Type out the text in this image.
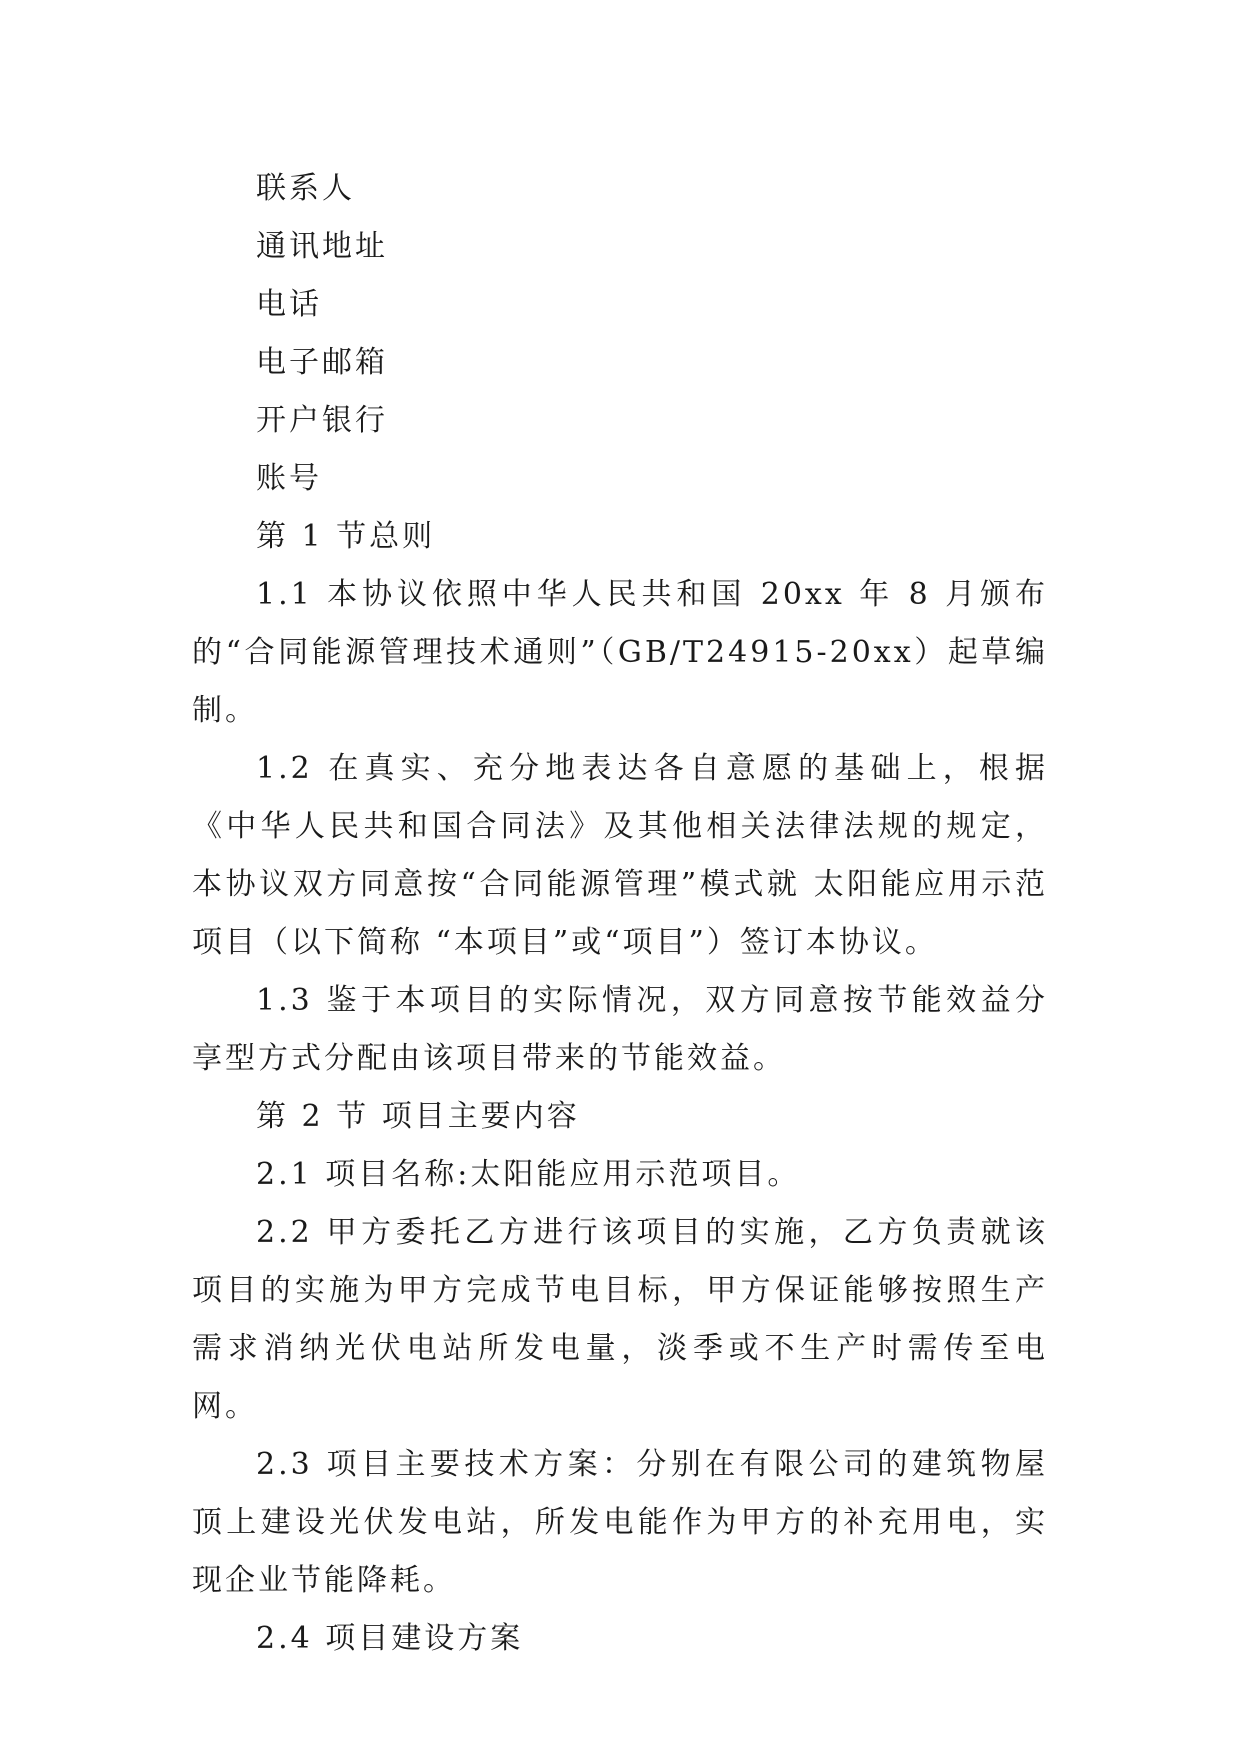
联系人
通讯地址
电话
电子邮箱
开户银行
账号
第 1 节总则

1.1 本协议依照中华人民共和国 20xx 年 8 月颁布的“合同能源管理技术通则”（GB/T24915-20xx）起草编制。

1.2 在真实、充分地表达各自意愿的基础上，根据《中华人民共和国合同法》及其他相关法律法规的规定，本协议双方同意按“合同能源管理”模式就 太阳能应用示范项目（以下简称 “本项目”或“项目”）签订本协议。

1.3 鉴于本项目的实际情况，双方同意按节能效益分享型方式分配由该项目带来的节能效益。

第 2 节 项目主要内容

2.1 项目名称:太阳能应用示范项目。

2.2 甲方委托乙方进行该项目的实施，乙方负责就该项目的实施为甲方完成节电目标，甲方保证能够按照生产需求消纳光伏电站所发电量，淡季或不生产时需传至电网。

2.3 项目主要技术方案：分别在有限公司的建筑物屋顶上建设光伏发电站，所发电能作为甲方的补充用电，实现企业节能降耗。

2.4 项目建设方案
